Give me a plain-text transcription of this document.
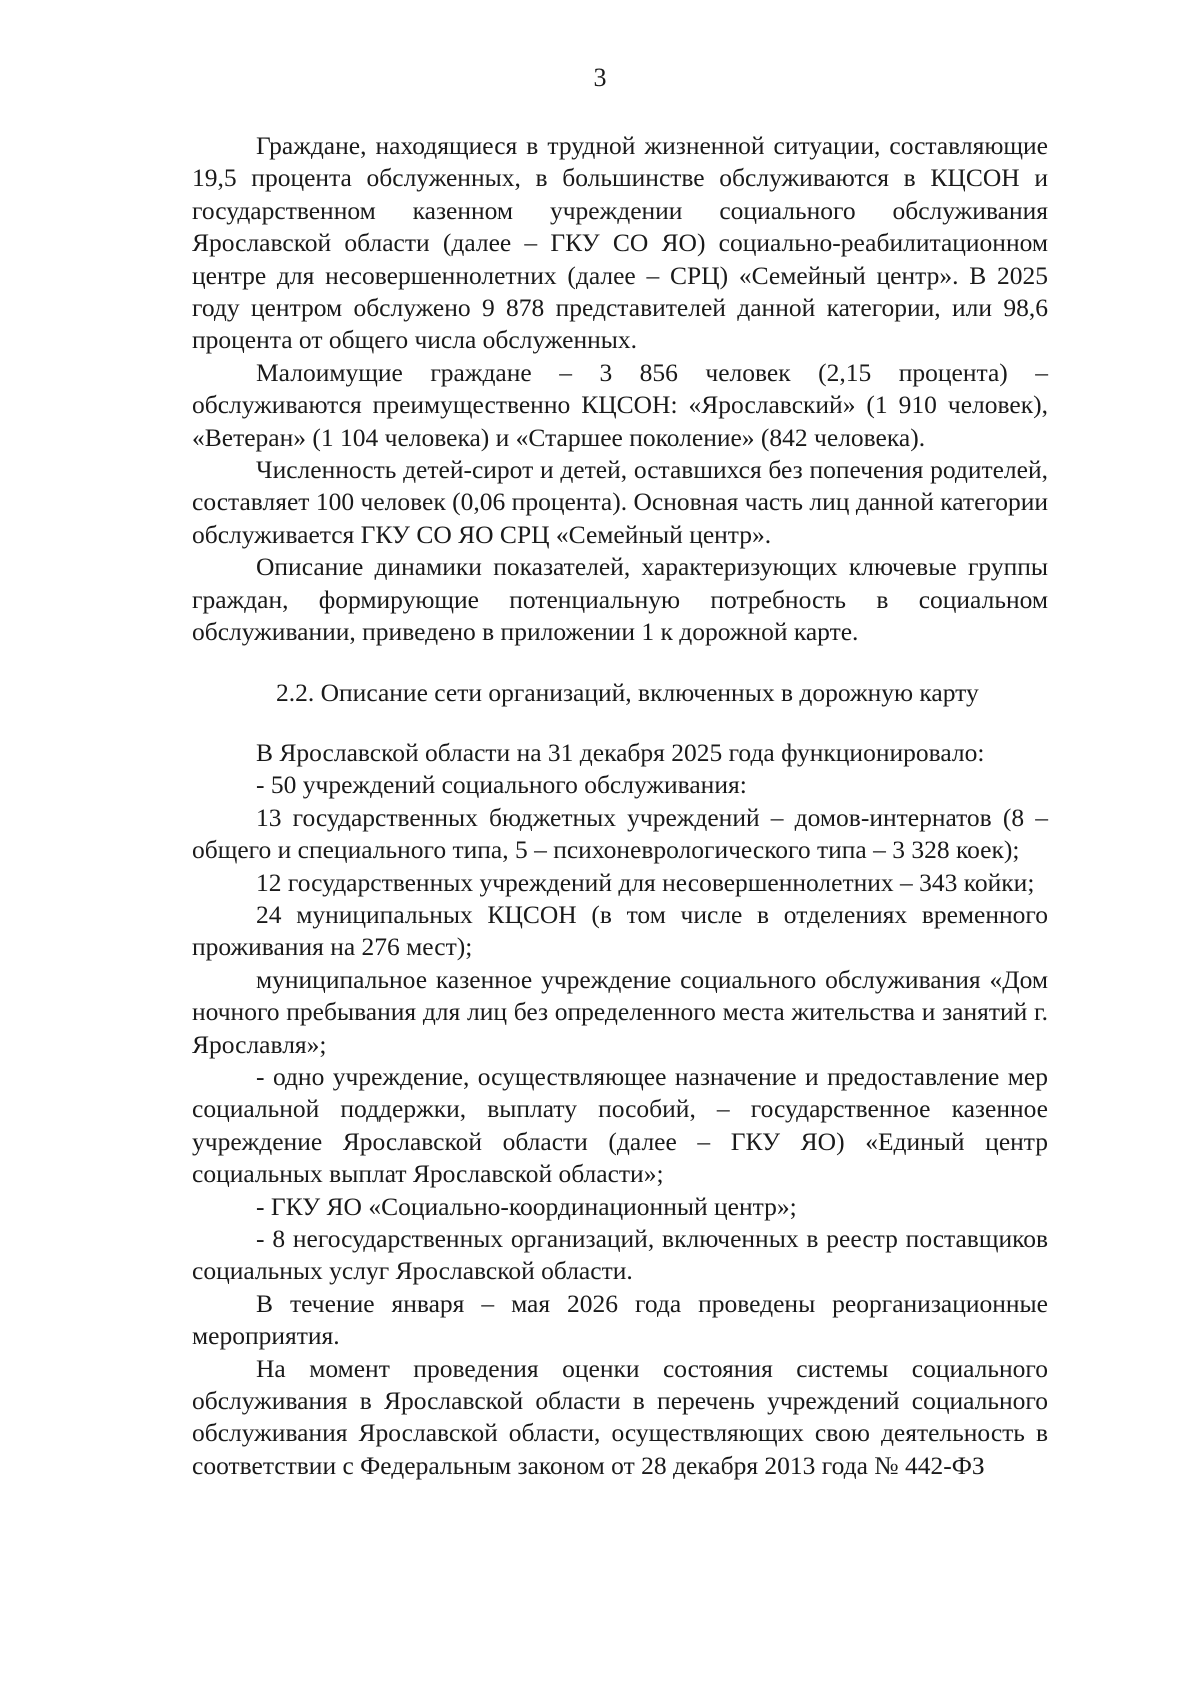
3

Граждане, находящиеся в трудной жизненной ситуации, составляющие 19,5 процента обслуженных, в большинстве обслуживаются в КЦСОН и государственном казенном учреждении социального обслуживания Ярославской области (далее – ГКУ СО ЯО) социально-реабилитационном центре для несовершеннолетних (далее – СРЦ) «Семейный центр». В 2025 году центром обслужено 9 878 представителей данной категории, или 98,6 процента от общего числа обслуженных.

Малоимущие граждане – 3 856 человек (2,15 процента) – обслуживаются преимущественно КЦСОН: «Ярославский» (1 910 человек), «Ветеран» (1 104 человека) и «Старшее поколение» (842 человека).

Численность детей-сирот и детей, оставшихся без попечения родителей, составляет 100 человек (0,06 процента). Основная часть лиц данной категории обслуживается ГКУ СО ЯО СРЦ «Семейный центр».

Описание динамики показателей, характеризующих ключевые группы граждан, формирующие потенциальную потребность в социальном обслуживании, приведено в приложении 1 к дорожной карте.

2.2. Описание сети организаций, включенных в дорожную карту

В Ярославской области на 31 декабря 2025 года функционировало:

- 50 учреждений социального обслуживания:

13 государственных бюджетных учреждений – домов-интернатов (8 – общего и специального типа, 5 – психоневрологического типа – 3 328 коек);

12 государственных учреждений для несовершеннолетних – 343 койки;

24 муниципальных КЦСОН (в том числе в отделениях временного проживания на 276 мест);

муниципальное казенное учреждение социального обслуживания «Дом ночного пребывания для лиц без определенного места жительства и занятий г. Ярославля»;

- одно учреждение, осуществляющее назначение и предоставление мер социальной поддержки, выплату пособий, – государственное казенное учреждение Ярославской области (далее – ГКУ ЯО) «Единый центр социальных выплат Ярославской области»;

- ГКУ ЯО «Социально-координационный центр»;

- 8 негосударственных организаций, включенных в реестр поставщиков социальных услуг Ярославской области.

В течение января – мая 2026 года проведены реорганизационные мероприятия.

На момент проведения оценки состояния системы социального обслуживания в Ярославской области в перечень учреждений социального обслуживания Ярославской области, осуществляющих свою деятельность в соответствии с Федеральным законом от 28 декабря 2013 года № 442-ФЗ
